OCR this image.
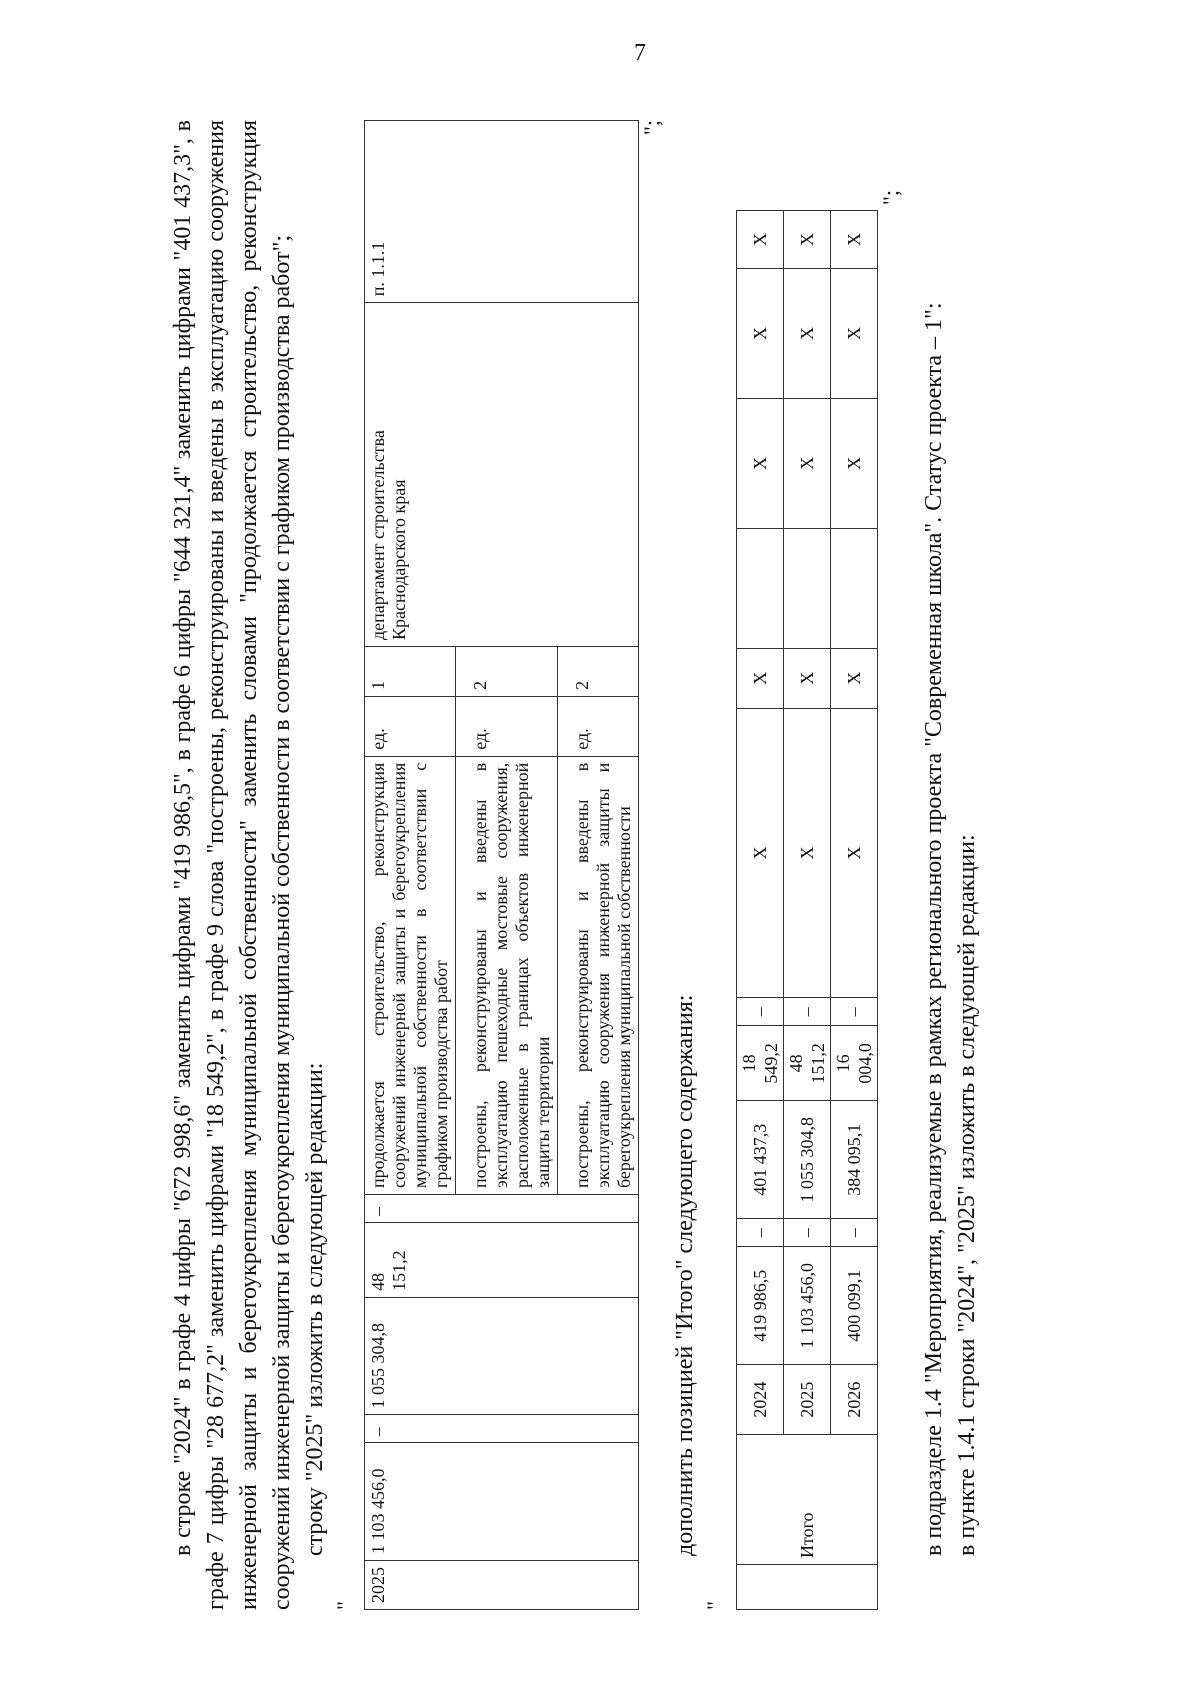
7

в строке "2024" в графе 4 цифры "672 998,6" заменить цифрами "419 986,5", в графе 6 цифры "644 321,4" заменить цифрами "401 437,3", в графе 7 цифры "28 677,2" заменить цифрами "18 549,2", в графе 9 слова "построены, реконструированы и введены в эксплуатацию сооружения инженерной защиты и берегоукрепления муниципальной собственности" заменить словами "продолжается строительство, реконструкция сооружений инженерной защиты и берегоукрепления муниципальной собственности в соответствии с графиком производства работ"; строку "2025" изложить в следующей редакции:

"

2025	1 103 456,0	–	1 055 304,8	48 151,2	–	продолжается строительство, реконструкция сооружений инженерной защиты и берегоукрепления муниципальной собственности в соответствии с графиком производства работ	ед.	1	департамент строительства Краснодарского края	п. 1.1.1
						построены, реконструированы и введены в эксплуатацию пешеходные мостовые сооружения, расположенные в границах объектов инженерной защиты территории	ед.	2		
						построены, реконструированы и введены в эксплуатацию сооружения инженерной защиты и берегоукрепления муниципальной собственности	ед.	2		

";

дополнить позицией "Итого" следующего содержания:

"

	Итого	2024	419 986,5	–	401 437,3	18 549,2	–	X	X		X	X	X
		2025	1 103 456,0	–	1 055 304,8	48 151,2	–	X	X		X	X	X
		2026	400 099,1	–	384 095,1	16 004,0	–	X	X		X	X	X

";

в подразделе 1.4 "Мероприятия, реализуемые в рамках регионального проекта "Современная школа". Статус проекта – 1": в пункте 1.4.1 строки "2024", "2025" изложить в следующей редакции:
